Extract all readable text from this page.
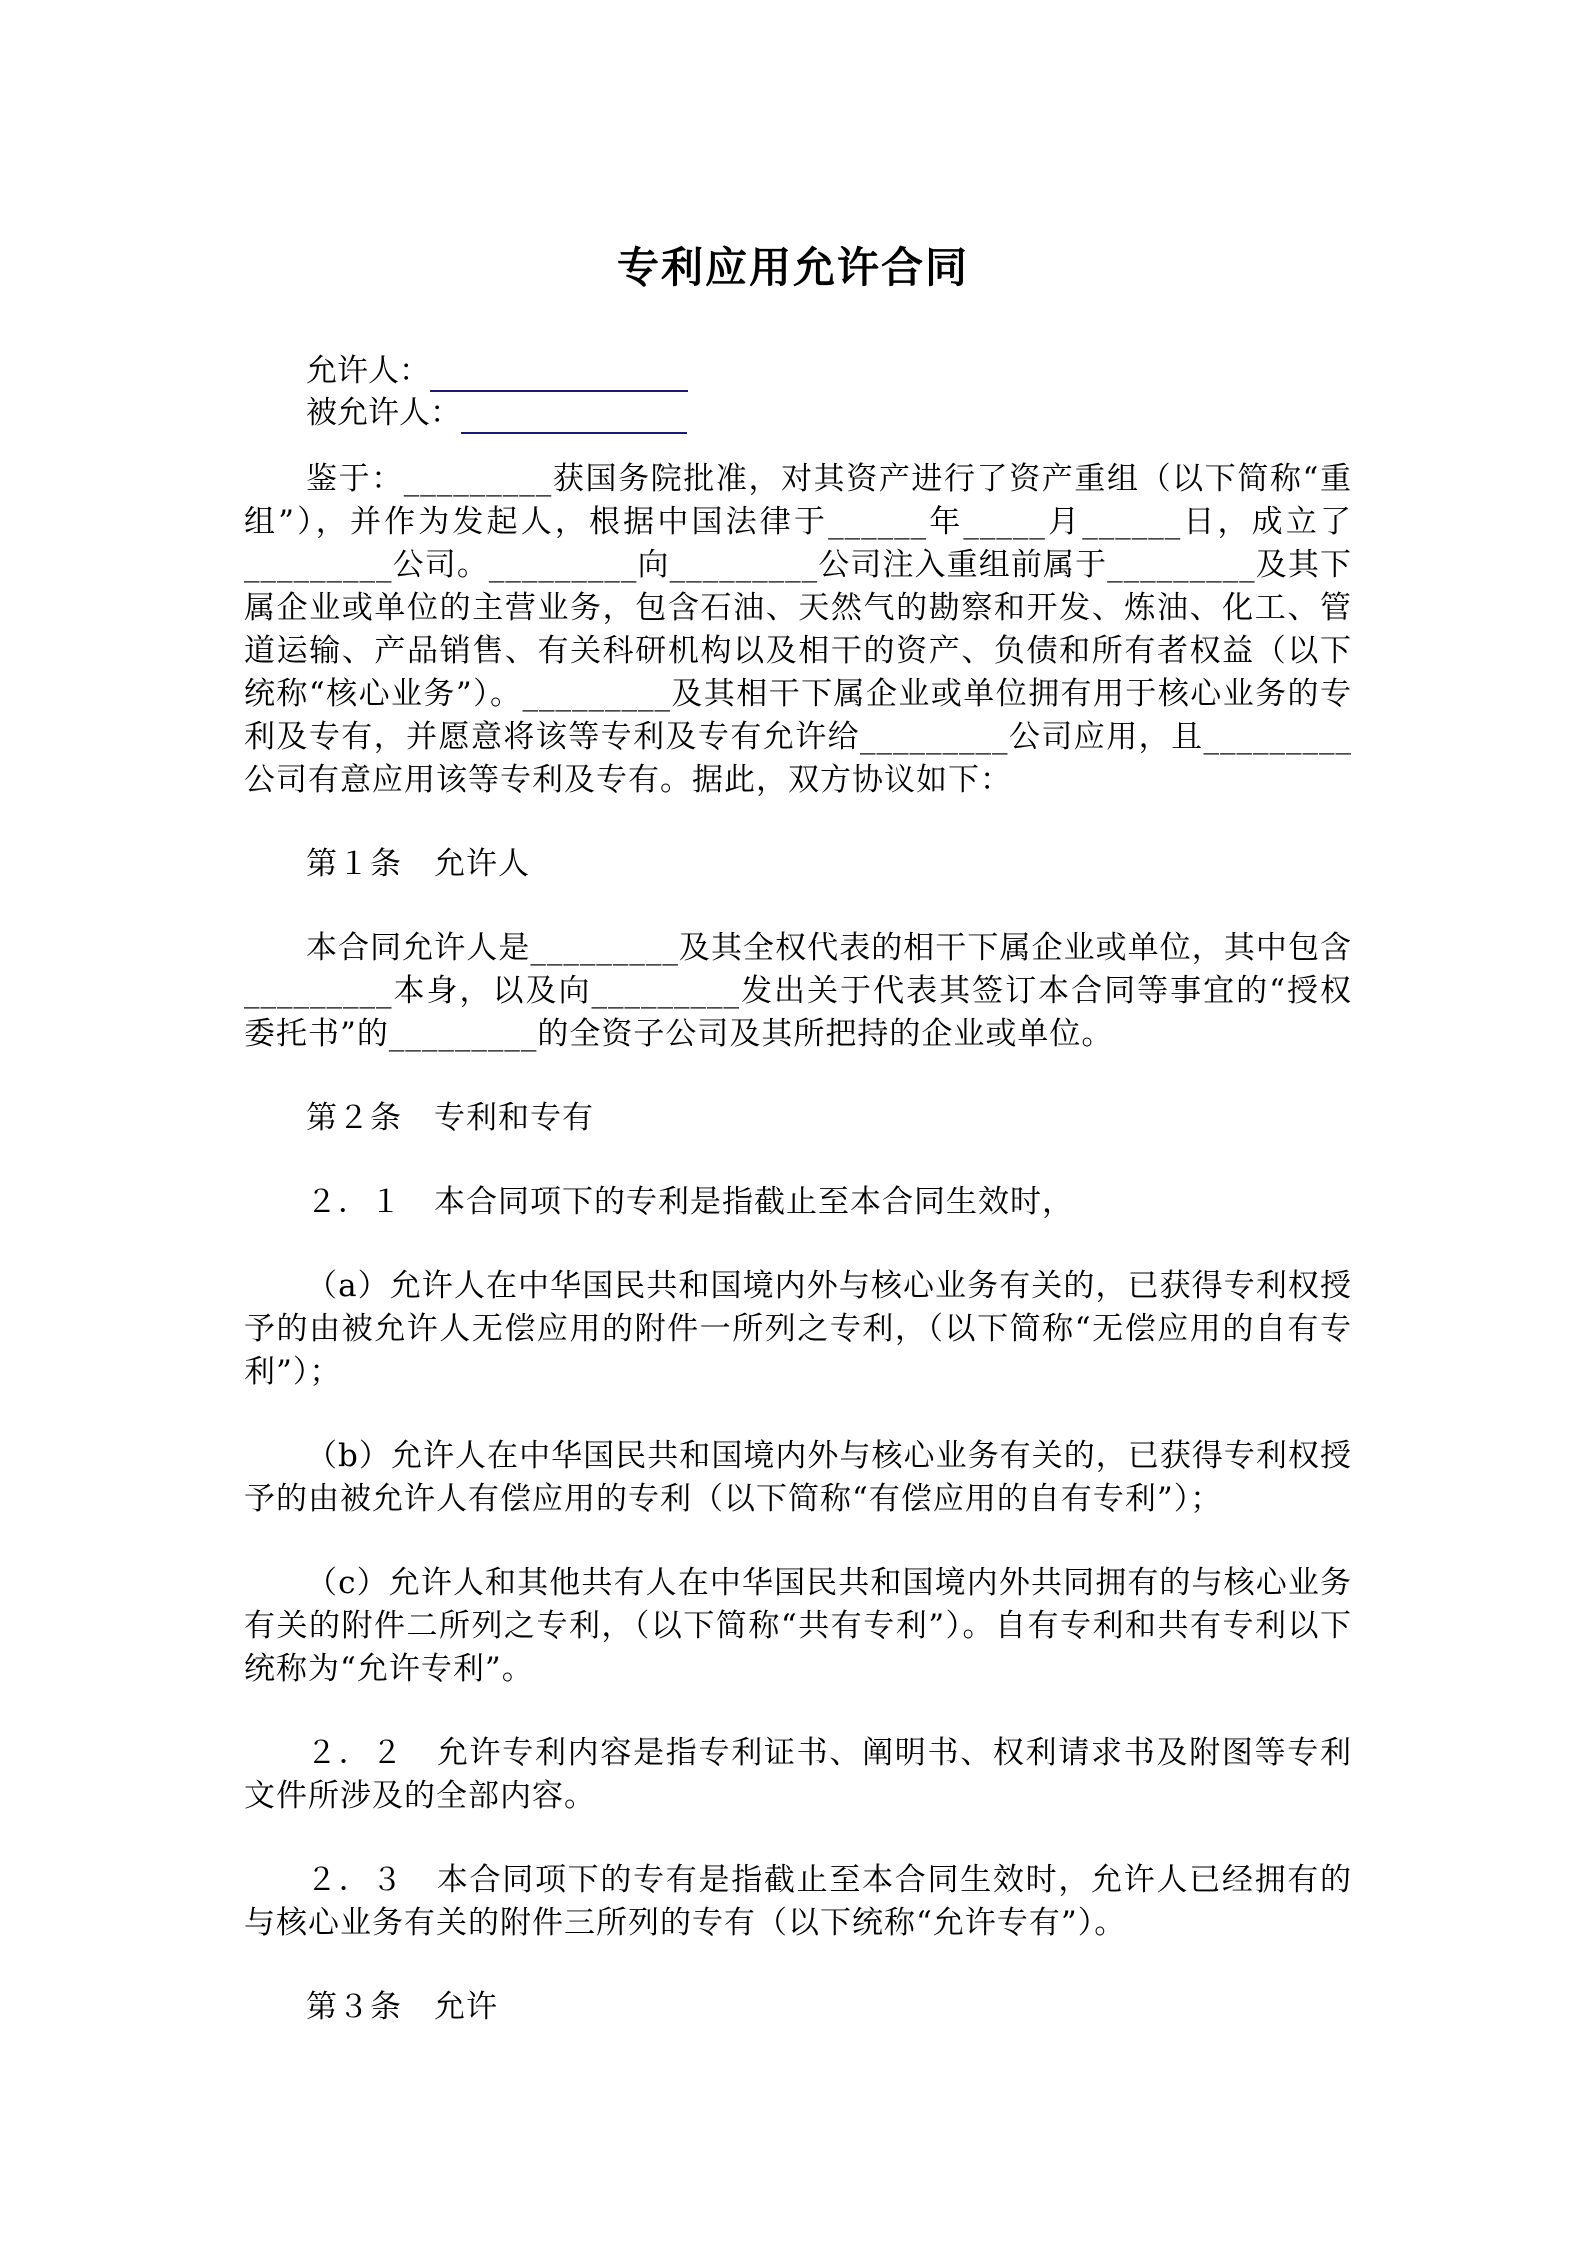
专利应用允许合同
允许人：
被允许人：

鉴于：_________获国务院批准，对其资产进行了资产重组（以下简称“重组”），并作为发起人，根据中国法律于______年_____月______日，成立了_________公司。_________向_________公司注入重组前属于_________及其下属企业或单位的主营业务，包含石油、天然气的勘察和开发、炼油、化工、管道运输、产品销售、有关科研机构以及相干的资产、负债和所有者权益（以下统称“核心业务”）。_________及其相干下属企业或单位拥有用于核心业务的专利及专有，并愿意将该等专利及专有允许给_________公司应用，且_________公司有意应用该等专利及专有。据此，双方协议如下：

第１条　允许人

本合同允许人是_________及其全权代表的相干下属企业或单位，其中包含_________本身，以及向_________发出关于代表其签订本合同等事宜的“授权委托书”的_________的全资子公司及其所把持的企业或单位。

第２条　专利和专有

２．１　本合同项下的专利是指截止至本合同生效时，

（a）允许人在中华国民共和国境内外与核心业务有关的，已获得专利权授予的由被允许人无偿应用的附件一所列之专利，（以下简称“无偿应用的自有专利”）；

（b）允许人在中华国民共和国境内外与核心业务有关的，已获得专利权授予的由被允许人有偿应用的专利（以下简称“有偿应用的自有专利”）；

（c）允许人和其他共有人在中华国民共和国境内外共同拥有的与核心业务有关的附件二所列之专利，（以下简称“共有专利”）。自有专利和共有专利以下统称为“允许专利”。

２．２　允许专利内容是指专利证书、阐明书、权利请求书及附图等专利文件所涉及的全部内容。

２．３　本合同项下的专有是指截止至本合同生效时，允许人已经拥有的与核心业务有关的附件三所列的专有（以下统称“允许专有”）。

第３条　允许
